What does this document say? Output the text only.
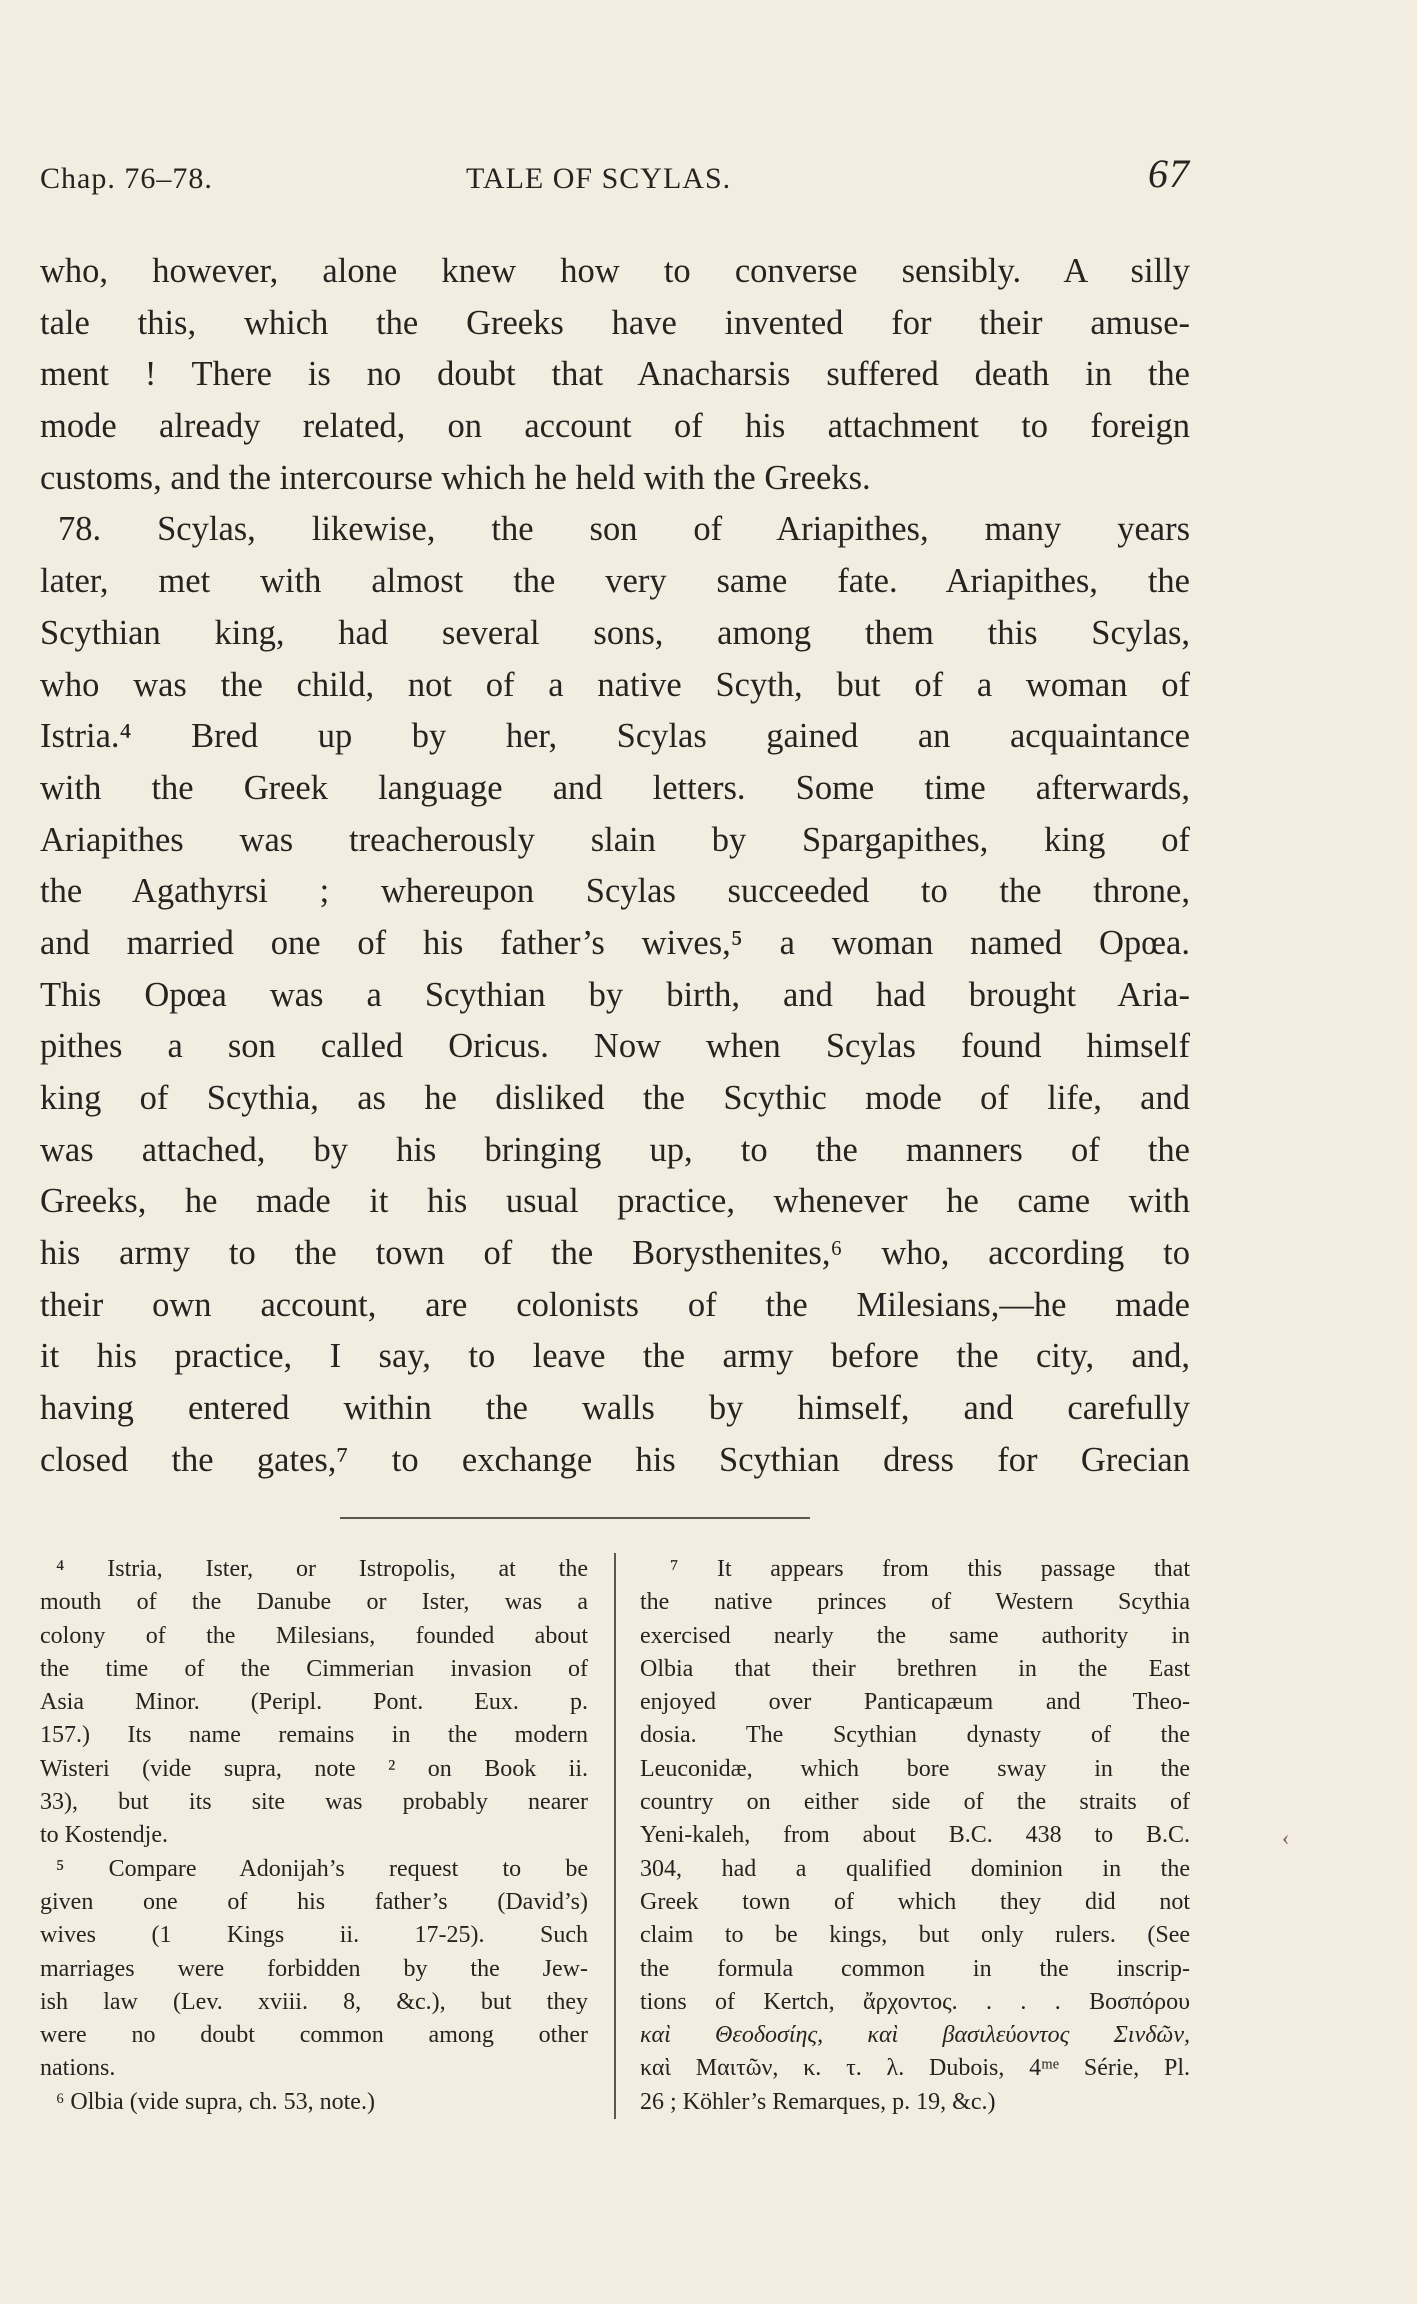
Chap. 76–78.	TALE OF SCYLAS.	67
who, however, alone knew how to converse sensibly. A silly
tale this, which the Greeks have invented for their amuse-
ment ! There is no doubt that Anacharsis suffered death in the
mode already related, on account of his attachment to foreign
customs, and the intercourse which he held with the Greeks.
78. Scylas, likewise, the son of Ariapithes, many years
later, met with almost the very same fate. Ariapithes, the
Scythian king, had several sons, among them this Scylas,
who was the child, not of a native Scyth, but of a woman of
Istria.⁴ Bred up by her, Scylas gained an acquaintance
with the Greek language and letters. Some time afterwards,
Ariapithes was treacherously slain by Spargapithes, king of
the Agathyrsi ; whereupon Scylas succeeded to the throne,
and married one of his father’s wives,⁵ a woman named Opœa.
This Opœa was a Scythian by birth, and had brought Aria-
pithes a son called Oricus. Now when Scylas found himself
king of Scythia, as he disliked the Scythic mode of life, and
was attached, by his bringing up, to the manners of the
Greeks, he made it his usual practice, whenever he came with
his army to the town of the Borysthenites,⁶ who, according to
their own account, are colonists of the Milesians,—he made
it his practice, I say, to leave the army before the city, and,
having entered within the walls by himself, and carefully
closed the gates,⁷ to exchange his Scythian dress for Grecian
⁴ Istria, Ister, or Istropolis, at the
mouth of the Danube or Ister, was a
colony of the Milesians, founded about
the time of the Cimmerian invasion of
Asia Minor. (Peripl. Pont. Eux. p.
157.) Its name remains in the modern
Wisteri (vide supra, note ² on Book ii.
33), but its site was probably nearer
to Kostendje.
⁵ Compare Adonijah’s request to be
given one of his father’s (David’s)
wives (1 Kings ii. 17-25). Such
marriages were forbidden by the Jew-
ish law (Lev. xviii. 8, &c.), but they
were no doubt common among other
nations.
⁶ Olbia (vide supra, ch. 53, note.)
⁷ It appears from this passage that
the native princes of Western Scythia
exercised nearly the same authority in
Olbia that their brethren in the East
enjoyed over Panticapæum and Theo-
dosia. The Scythian dynasty of the
Leuconidæ, which bore sway in the
country on either side of the straits of
Yeni-kaleh, from about B.C. 438 to B.C.
304, had a qualified dominion in the
Greek town of which they did not
claim to be kings, but only rulers. (See
the formula common in the inscrip-
tions of Kertch, ἄρχοντος. . . . Βοσπόρου
καὶ Θεοδοσίης, καὶ βασιλεύοντος Σινδῶν,
καὶ Μαιτῶν, κ. τ. λ. Dubois, 4ᵐᵉ Série, Pl.
26 ; Köhler’s Remarques, p. 19, &c.)
‹
